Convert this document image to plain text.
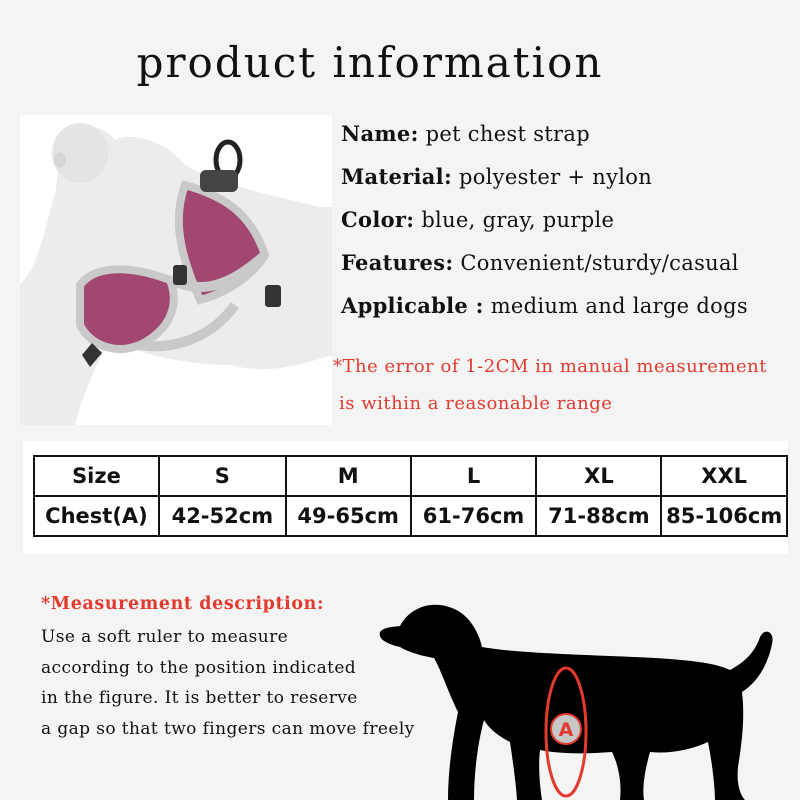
product information
Name: pet chest strap
Material: polyester + nylon
Color: blue, gray, purple
Features: Convenient/sturdy/casual
Applicable : medium and large dogs
*The error of 1-2CM in manual measurement
is within a reasonable range
Size	S	M	L	XL	XXL
Chest(A)	42-52cm	49-65cm	61-76cm	71-88cm	85-106cm
*Measurement description:
Use a soft ruler to measure
according to the position indicated
in the figure. It is better to reserve
a gap so that two fingers can move freely	A
